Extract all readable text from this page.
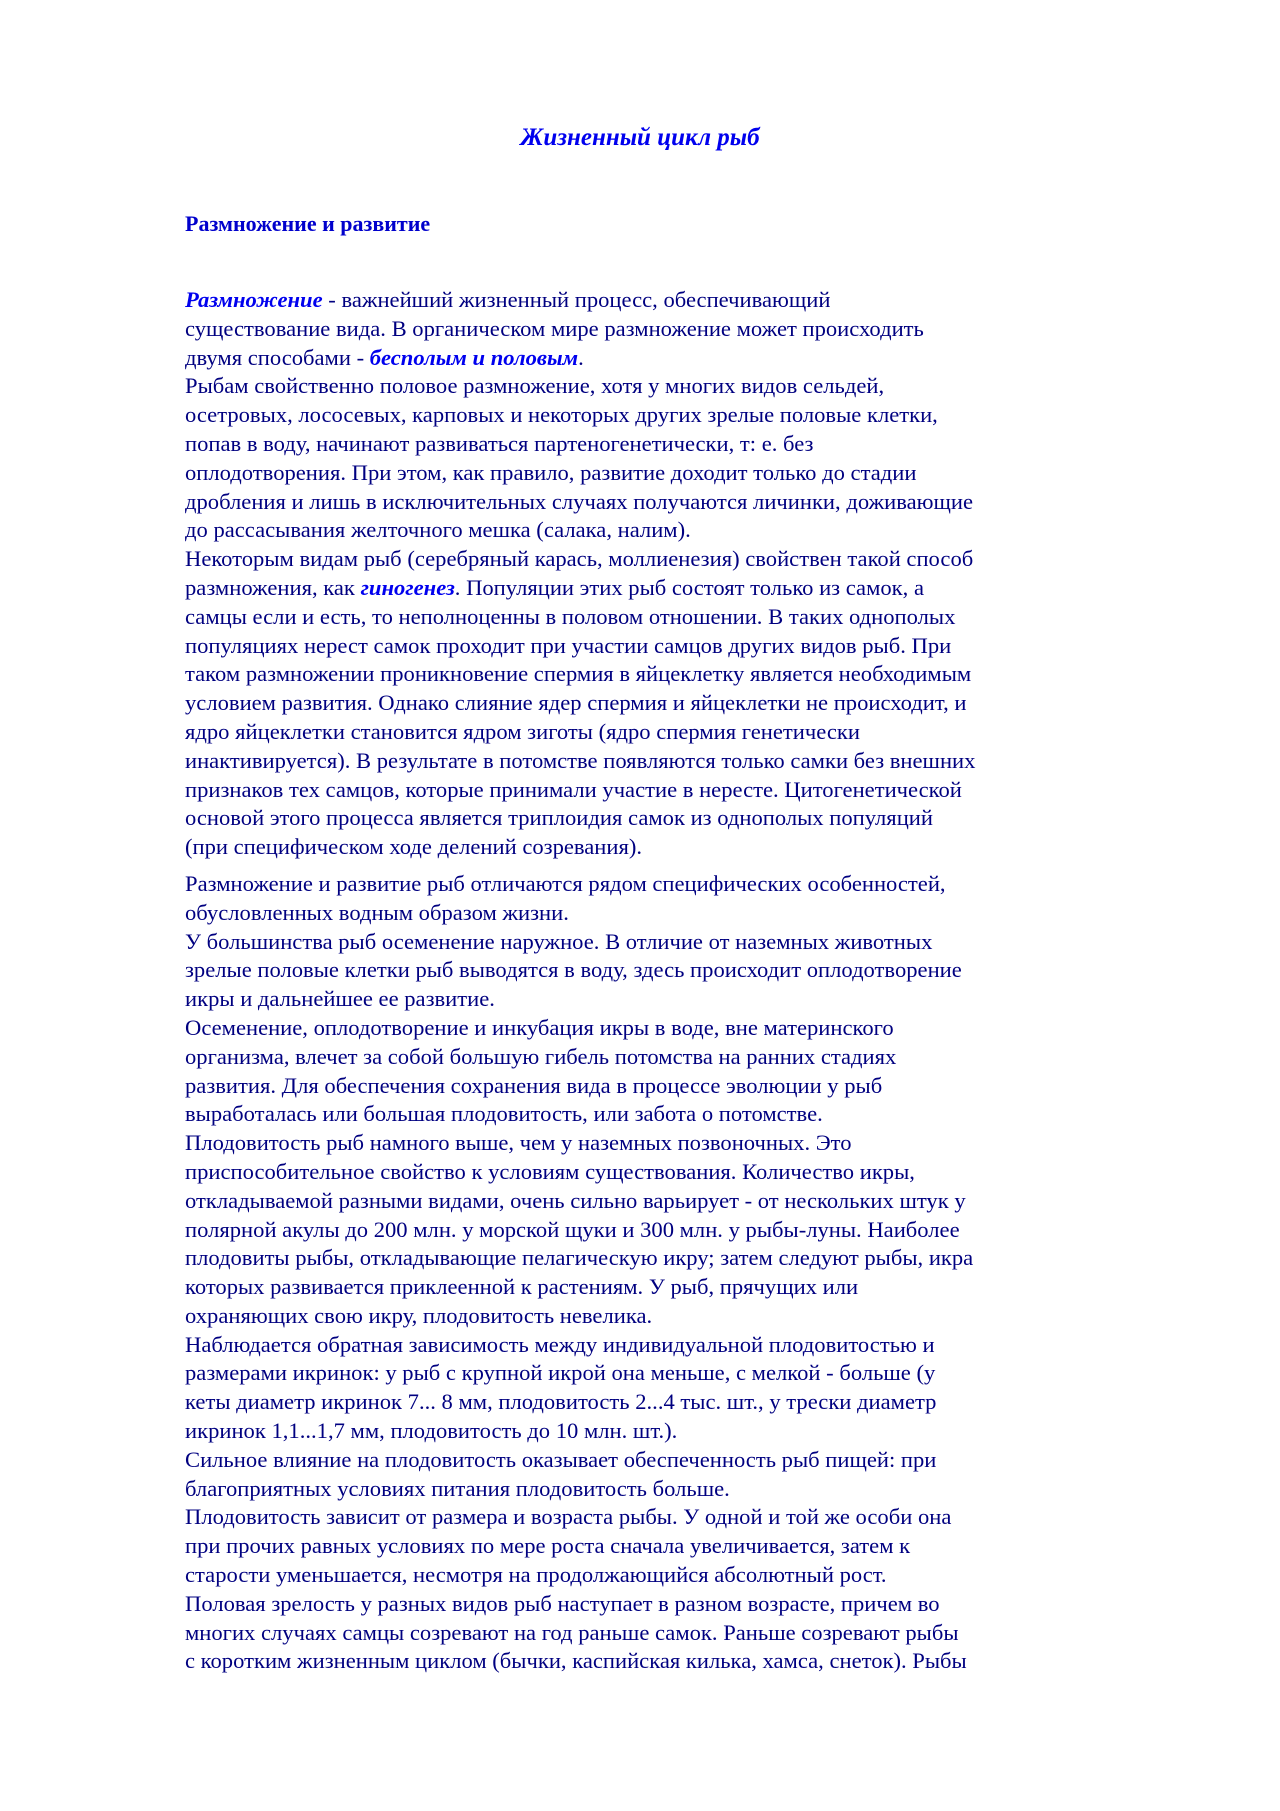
Жизненный цикл рыб
Размножение и развитие

Размножение - важнейший жизненный процесс, обеспечивающий
существование вида. В органическом мире размножение может происходить
двумя способами - бесполым и половым.

Рыбам свойственно половое размножение, хотя у многих видов сельдей,
осетровых, лососевых, карповых и некоторых других зрелые половые клетки,
попав в воду, начинают развиваться партеногенетически, т: е. без
оплодотворения. При этом, как правило, развитие доходит только до стадии
дробления и лишь в исключительных случаях получаются личинки, доживающие
до рассасывания желточного мешка (салака, налим).

Некоторым видам рыб (серебряный карась, моллиенезия) свойствен такой способ
размножения, как гиногенез. Популяции этих рыб состоят только из самок, а
самцы если и есть, то неполноценны в половом отношении. В таких однополых
популяциях нерест самок проходит при участии самцов других видов рыб. При
таком размножении проникновение спермия в яйцеклетку является необходимым
условием развития. Однако слияние ядер спермия и яйцеклетки не происходит, и
ядро яйцеклетки становится ядром зиготы (ядро спермия генетически
инактивируется). В результате в потомстве появляются только самки без внешних
признаков тех самцов, которые принимали участие в нересте. Цитогенетической
основой этого процесса является триплоидия самок из однополых популяций
(при специфическом ходе делений созревания).

Размножение и развитие рыб отличаются рядом специфических особенностей,
обусловленных водным образом жизни.

У большинства рыб осеменение наружное. В отличие от наземных животных
зрелые половые клетки рыб выводятся в воду, здесь происходит оплодотворение
икры и дальнейшее ее развитие.

Осеменение, оплодотворение и инкубация икры в воде, вне материнского
организма, влечет за собой большую гибель потомства на ранних стадиях
развития. Для обеспечения сохранения вида в процессе эволюции у рыб
выработалась или большая плодовитость, или забота о потомстве.

Плодовитость рыб намного выше, чем у наземных позвоночных. Это
приспособительное свойство к условиям существования. Количество икры,
откладываемой разными видами, очень сильно варьирует - от нескольких штук у
полярной акулы до 200 млн. у морской щуки и 300 млн. у рыбы-луны. Наиболее
плодовиты рыбы, откладывающие пелагическую икру; затем следуют рыбы, икра
которых развивается приклеенной к растениям. У рыб, прячущих или
охраняющих свою икру, плодовитость невелика.

Наблюдается обратная зависимость между индивидуальной плодовитостью и
размерами икринок: у рыб с крупной икрой она меньше, с мелкой - больше (у
кеты диаметр икринок 7... 8 мм, плодовитость 2...4 тыс. шт., у трески диаметр
икринок 1,1...1,7 мм, плодовитость до 10 млн. шт.).

Сильное влияние на плодовитость оказывает обеспеченность рыб пищей: при
благоприятных условиях питания плодовитость больше.

Плодовитость зависит от размера и возраста рыбы. У одной и той же особи она
при прочих равных условиях по мере роста сначала увеличивается, затем к
старости уменьшается, несмотря на продолжающийся абсолютный рост.

Половая зрелость у разных видов рыб наступает в разном возрасте, причем во
многих случаях самцы созревают на год раньше самок. Раньше созревают рыбы
с коротким жизненным циклом (бычки, каспийская килька, хамса, снеток). Рыбы
